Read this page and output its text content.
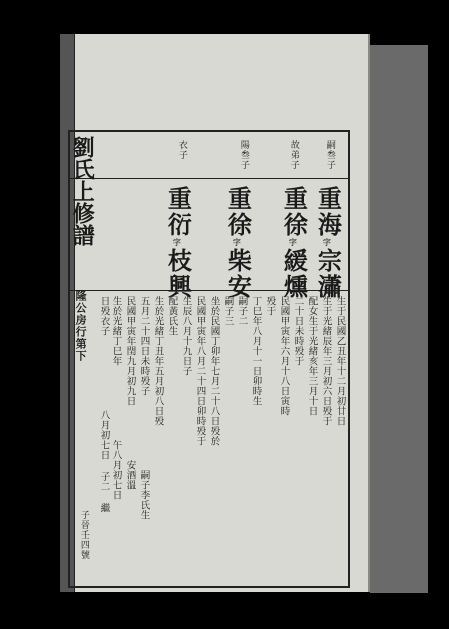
劉氏上修譜
隆公房行第下
子晉壬四號
嗣叁子
故弟子
陽叁子
衣子
重海字宗瀟
重徐字緩燻
重徐字柴安
重衍字枝興
生于民國乙丑年十二月初廿日
生于光緒辰年三月初六日殁于
配女生于光緒亥年三月十日
二十日未時殁于
民國甲寅年六月十八日寅時
殁于
丁巳年八月十一日卯時生
嗣子二
嗣子三
坐於民國丁卯年七月二十八日殁於
民國甲寅年八月二十四日卯時殁于
生辰八月十九日子
配黃氏生
生於光緒丁丑年五月初八日殁
五月二十四日未時殁子
民國甲寅年閏九月初九日
生於光緒丁巳年
日殁衣子
八月初七日 子二 繼 午八月初七日 安酒溫 嗣子李氏生
